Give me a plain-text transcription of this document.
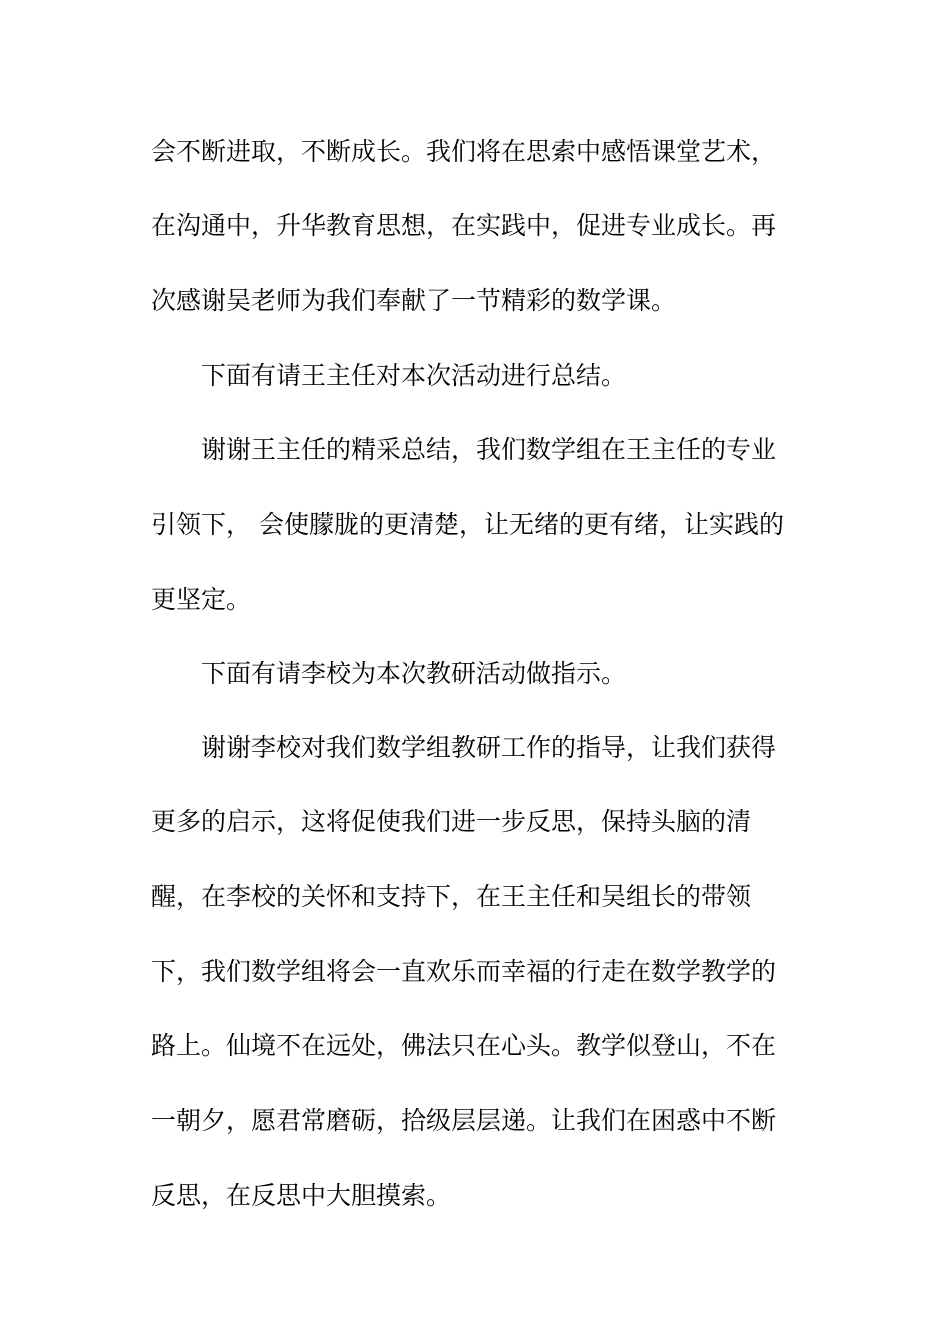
会不断进取，不断成长。我们将在思索中感悟课堂艺术，
在沟通中，升华教育思想，在实践中，促进专业成长。再
次感谢吴老师为我们奉献了一节精彩的数学课。
下面有请王主任对本次活动进行总结。
谢谢王主任的精采总结，我们数学组在王主任的专业
引领下， 会使朦胧的更清楚，让无绪的更有绪，让实践的
更坚定。
下面有请李校为本次教研活动做指示。
谢谢李校对我们数学组教研工作的指导，让我们获得
更多的启示，这将促使我们进一步反思，保持头脑的清
醒，在李校的关怀和支持下，在王主任和吴组长的带领
下，我们数学组将会一直欢乐而幸福的行走在数学教学的
路上。仙境不在远处，佛法只在心头。教学似登山，不在
一朝夕，愿君常磨砺，拾级层层递。让我们在困惑中不断
反思，在反思中大胆摸索。
